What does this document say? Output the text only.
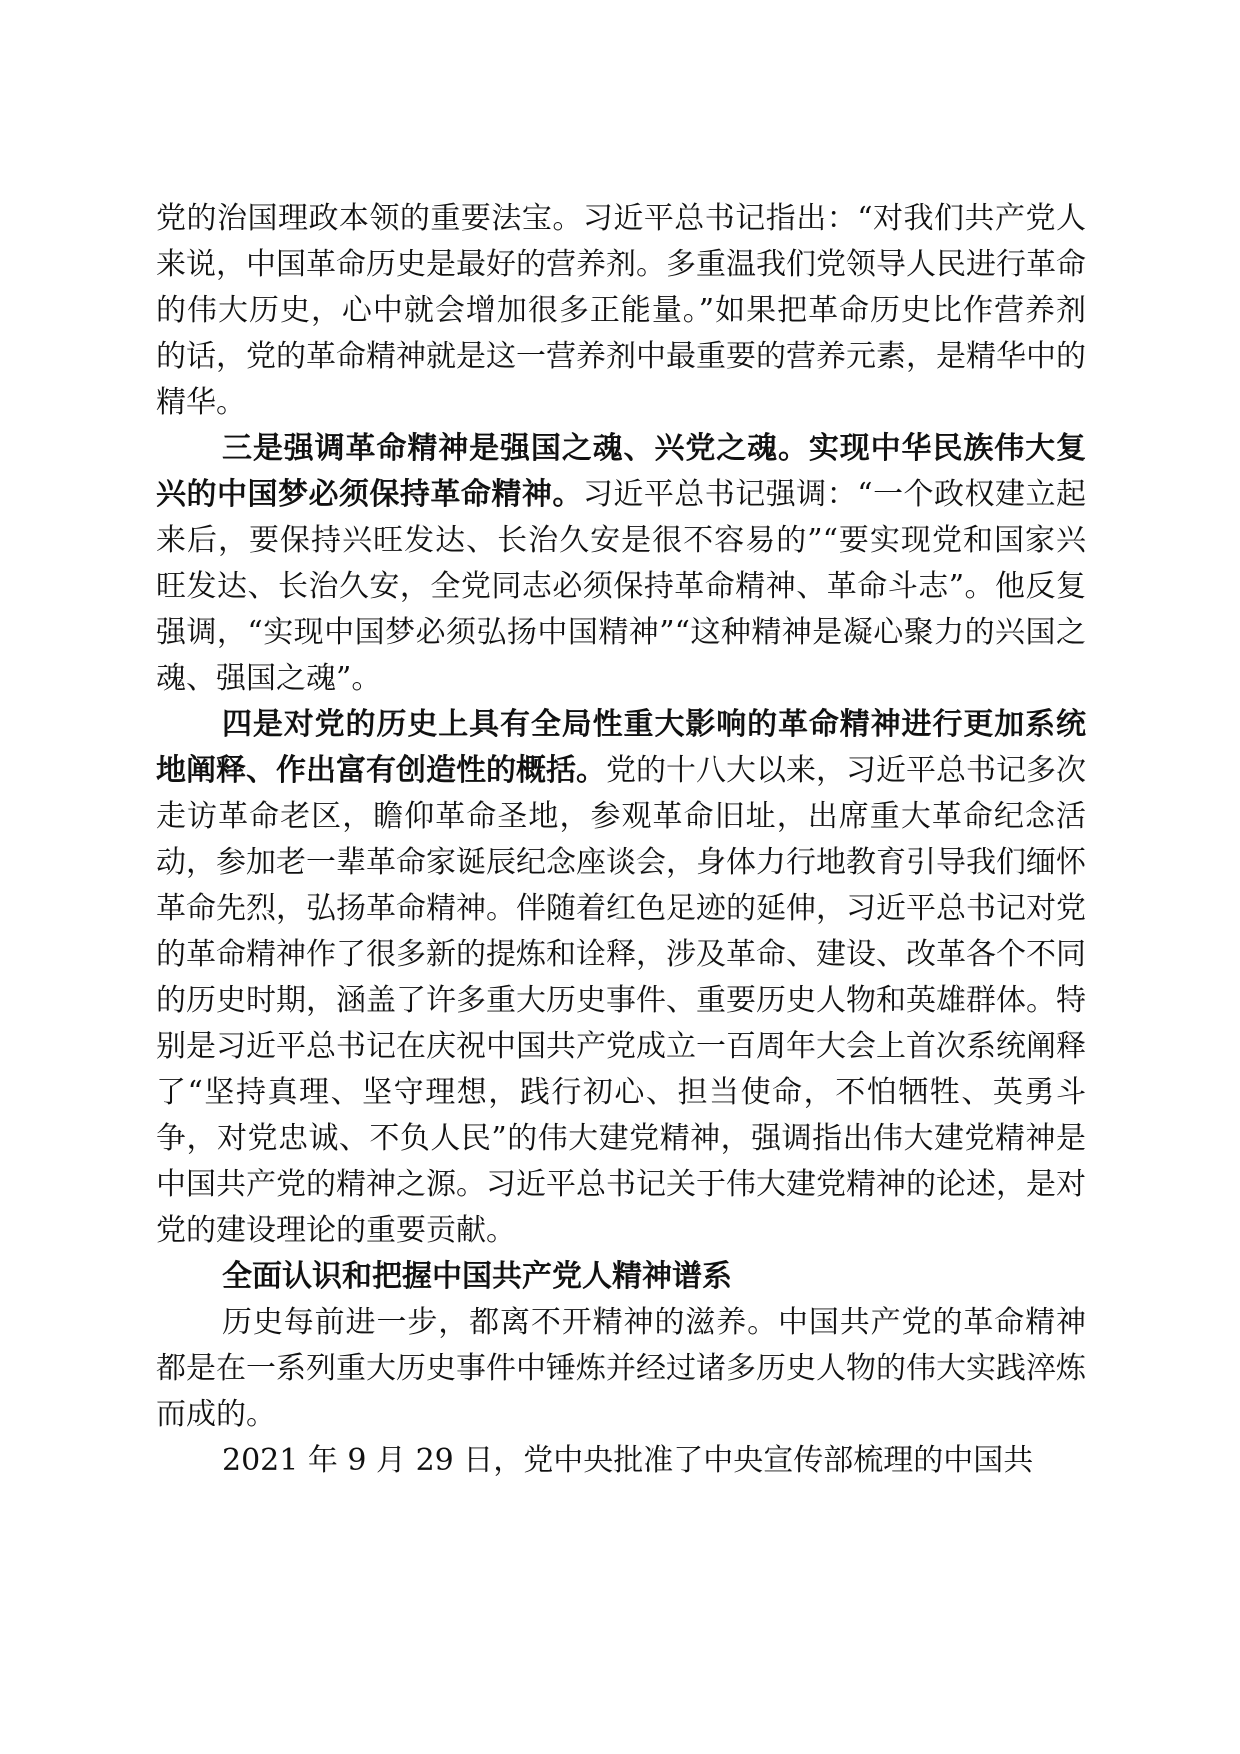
党的治国理政本领的重要法宝。习近平总书记指出：“对我们共产党人来说，中国革命历史是最好的营养剂。多重温我们党领导人民进行革命的伟大历史，心中就会增加很多正能量。”如果把革命历史比作营养剂的话，党的革命精神就是这一营养剂中最重要的营养元素，是精华中的精华。

三是强调革命精神是强国之魂、兴党之魂。实现中华民族伟大复兴的中国梦必须保持革命精神。习近平总书记强调：“一个政权建立起来后，要保持兴旺发达、长治久安是很不容易的”“要实现党和国家兴旺发达、长治久安，全党同志必须保持革命精神、革命斗志”。他反复强调，“实现中国梦必须弘扬中国精神”“这种精神是凝心聚力的兴国之魂、强国之魂”。

四是对党的历史上具有全局性重大影响的革命精神进行更加系统地阐释、作出富有创造性的概括。党的十八大以来，习近平总书记多次走访革命老区，瞻仰革命圣地，参观革命旧址，出席重大革命纪念活动，参加老一辈革命家诞辰纪念座谈会，身体力行地教育引导我们缅怀革命先烈，弘扬革命精神。伴随着红色足迹的延伸，习近平总书记对党的革命精神作了很多新的提炼和诠释，涉及革命、建设、改革各个不同的历史时期，涵盖了许多重大历史事件、重要历史人物和英雄群体。特别是习近平总书记在庆祝中国共产党成立一百周年大会上首次系统阐释了“坚持真理、坚守理想，践行初心、担当使命，不怕牺牲、英勇斗争，对党忠诚、不负人民”的伟大建党精神，强调指出伟大建党精神是中国共产党的精神之源。习近平总书记关于伟大建党精神的论述，是对党的建设理论的重要贡献。

全面认识和把握中国共产党人精神谱系

历史每前进一步，都离不开精神的滋养。中国共产党的革命精神都是在一系列重大历史事件中锤炼并经过诸多历史人物的伟大实践淬炼而成的。

2021 年 9 月 29 日，党中央批准了中央宣传部梳理的中国共
